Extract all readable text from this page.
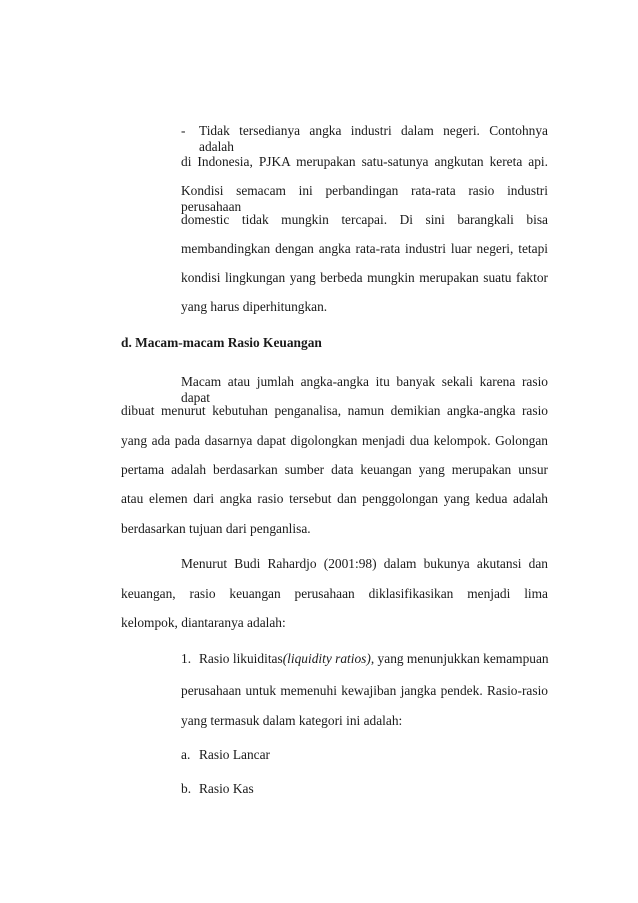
- Tidak tersedianya angka industri dalam negeri. Contohnya adalah
di Indonesia, PJKA merupakan satu-satunya angkutan kereta api.
Kondisi semacam ini perbandingan rata-rata rasio industri perusahaan
domestic tidak mungkin tercapai. Di sini barangkali bisa
membandingkan dengan angka rata-rata industri luar negeri, tetapi
kondisi lingkungan yang berbeda mungkin merupakan suatu faktor
yang harus diperhitungkan.
d. Macam-macam Rasio Keuangan
Macam atau jumlah angka-angka itu banyak sekali karena rasio dapat
dibuat menurut kebutuhan penganalisa, namun demikian angka-angka rasio
yang ada pada dasarnya dapat digolongkan menjadi dua kelompok. Golongan
pertama adalah berdasarkan sumber data keuangan yang merupakan unsur
atau elemen dari angka rasio tersebut dan penggolongan yang kedua adalah
berdasarkan tujuan dari penganlisa.
Menurut Budi Rahardjo (2001:98) dalam bukunya akutansi dan
keuangan, rasio keuangan perusahaan diklasifikasikan menjadi lima
kelompok, diantaranya adalah:
1. Rasio likuiditas (liquidity ratios) , yang menunjukkan kemampuan
perusahaan untuk memenuhi kewajiban jangka pendek. Rasio-rasio
yang termasuk dalam kategori ini adalah:
a. Rasio Lancar
b. Rasio Kas
